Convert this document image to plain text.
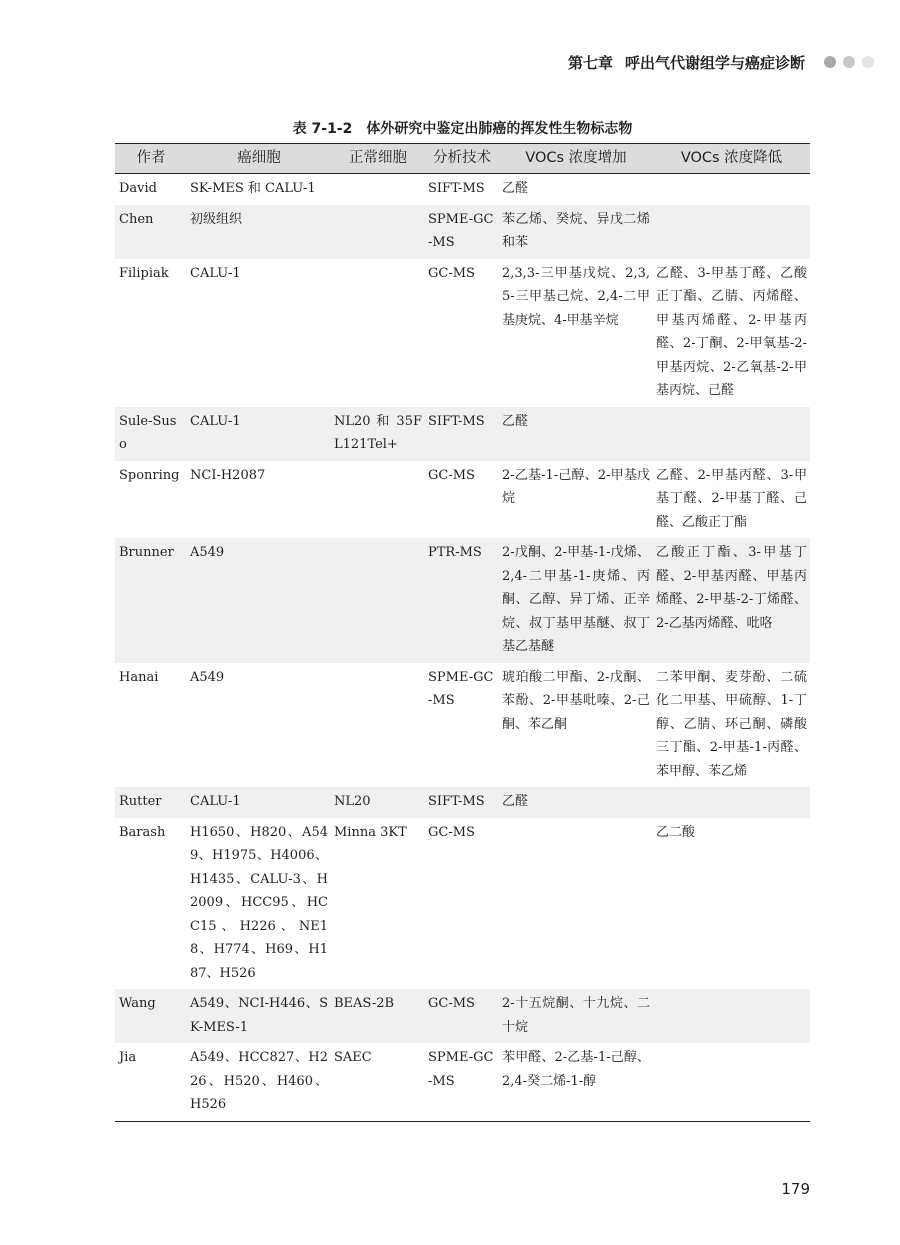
第七章 呼出气代谢组学与癌症诊断
表 7-1-2 体外研究中鉴定出肺癌的挥发性生物标志物
作者	癌细胞	正常细胞	分析技术	VOCs 浓度增加	VOCs 浓度降低
David	SK-MES 和 CALU-1		SIFT-MS	乙醛	
Chen	初级组织		SPME-GC-MS	苯乙烯、癸烷、异戊二烯和苯	
Filipiak	CALU-1		GC-MS	2,3,3-三甲基戊烷、2,3,5-三甲基己烷、2,4-二甲基庚烷、4-甲基辛烷	乙醛、3-甲基丁醛、乙酸正丁酯、乙腈、丙烯醛、甲基丙烯醛、2-甲基丙醛、2-丁酮、2-甲氧基-2-甲基丙烷、2-乙氧基-2-甲基丙烷、己醛
Sule-Suso	CALU-1	NL20 和 35FL121Tel+	SIFT-MS	乙醛	
Sponring	NCI-H2087		GC-MS	2-乙基-1-己醇、2-甲基戊烷	乙醛、2-甲基丙醛、3-甲基丁醛、2-甲基丁醛、己醛、乙酸正丁酯
Brunner	A549		PTR-MS	2-戊酮、2-甲基-1-戊烯、2,4-二甲基-1-庚烯、丙酮、乙醇、异丁烯、正辛烷、叔丁基甲基醚、叔丁基乙基醚	乙酸正丁酯、3-甲基丁醛、2-甲基丙醛、甲基丙烯醛、2-甲基-2-丁烯醛、2-乙基丙烯醛、吡咯
Hanai	A549		SPME-GC-MS	琥珀酸二甲酯、2-戊酮、苯酚、2-甲基吡嗪、2-己酮、苯乙酮	二苯甲酮、麦芽酚、二硫化二甲基、甲硫醇、1-丁醇、乙腈、环己酮、磷酸三丁酯、2-甲基-1-丙醛、苯甲醇、苯乙烯
Rutter	CALU-1	NL20	SIFT-MS	乙醛	
Barash	H1650、H820、A549、H1975、H4006、H1435、CALU-3、H2009、HCC95、HCC15、H226、NE18、H774、H69、H187、H526	Minna 3KT	GC-MS		乙二酸
Wang	A549、NCI-H446、SK-MES-1	BEAS-2B	GC-MS	2-十五烷酮、十九烷、二十烷	
Jia	A549、HCC827、H226、H520、H460、H526	SAEC	SPME-GC-MS	苯甲醛、2-乙基-1-己醇、2,4-癸二烯-1-醇	
179
